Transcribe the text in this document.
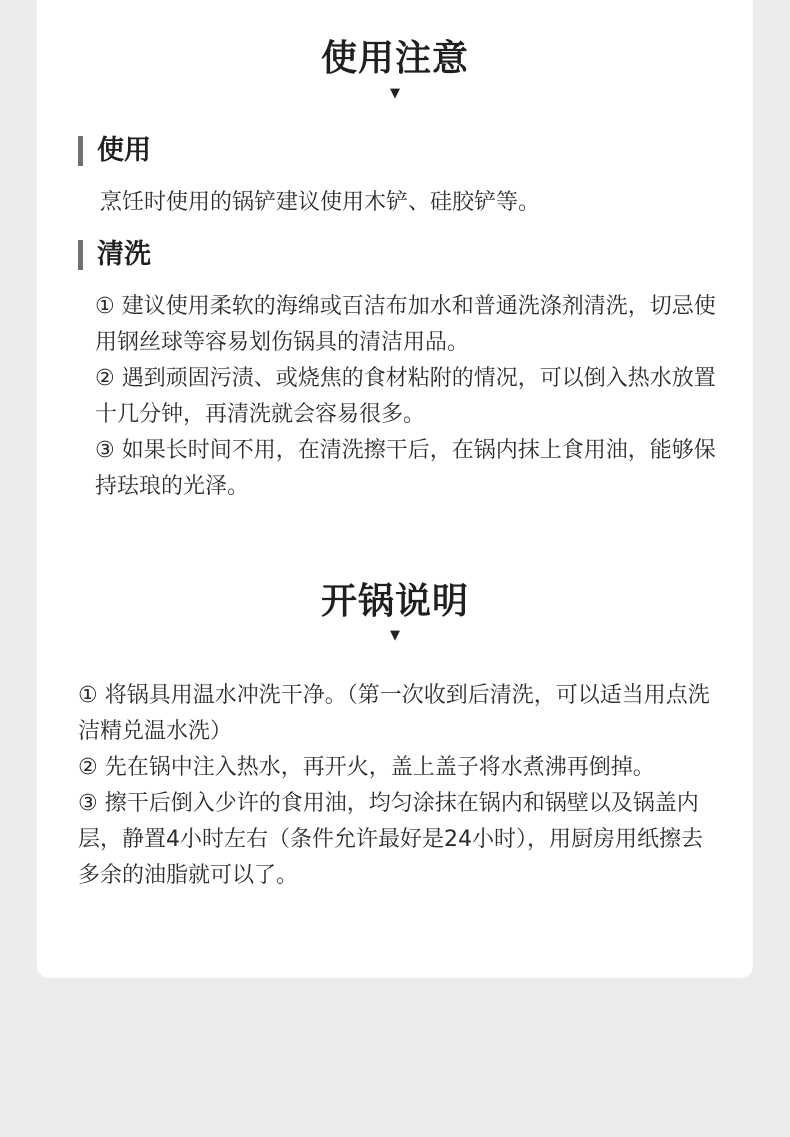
使用注意
▼
使用
烹饪时使用的锅铲建议使用木铲、硅胶铲等。
清洗

① 建议使用柔软的海绵或百洁布加水和普通洗涤剂清洗，切忌使用钢丝球等容易划伤锅具的清洁用品。

② 遇到顽固污渍、或烧焦的食材粘附的情况，可以倒入热水放置十几分钟，再清洗就会容易很多。

③ 如果长时间不用，在清洗擦干后，在锅内抹上食用油，能够保持珐琅的光泽。

开锅说明
▼

① 将锅具用温水冲洗干净。（第一次收到后清洗，可以适当用点洗洁精兑温水洗）

② 先在锅中注入热水，再开火，盖上盖子将水煮沸再倒掉。

③ 擦干后倒入少许的食用油，均匀涂抹在锅内和锅壁以及锅盖内层，静置4小时左右（条件允许最好是24小时），用厨房用纸擦去多余的油脂就可以了。
